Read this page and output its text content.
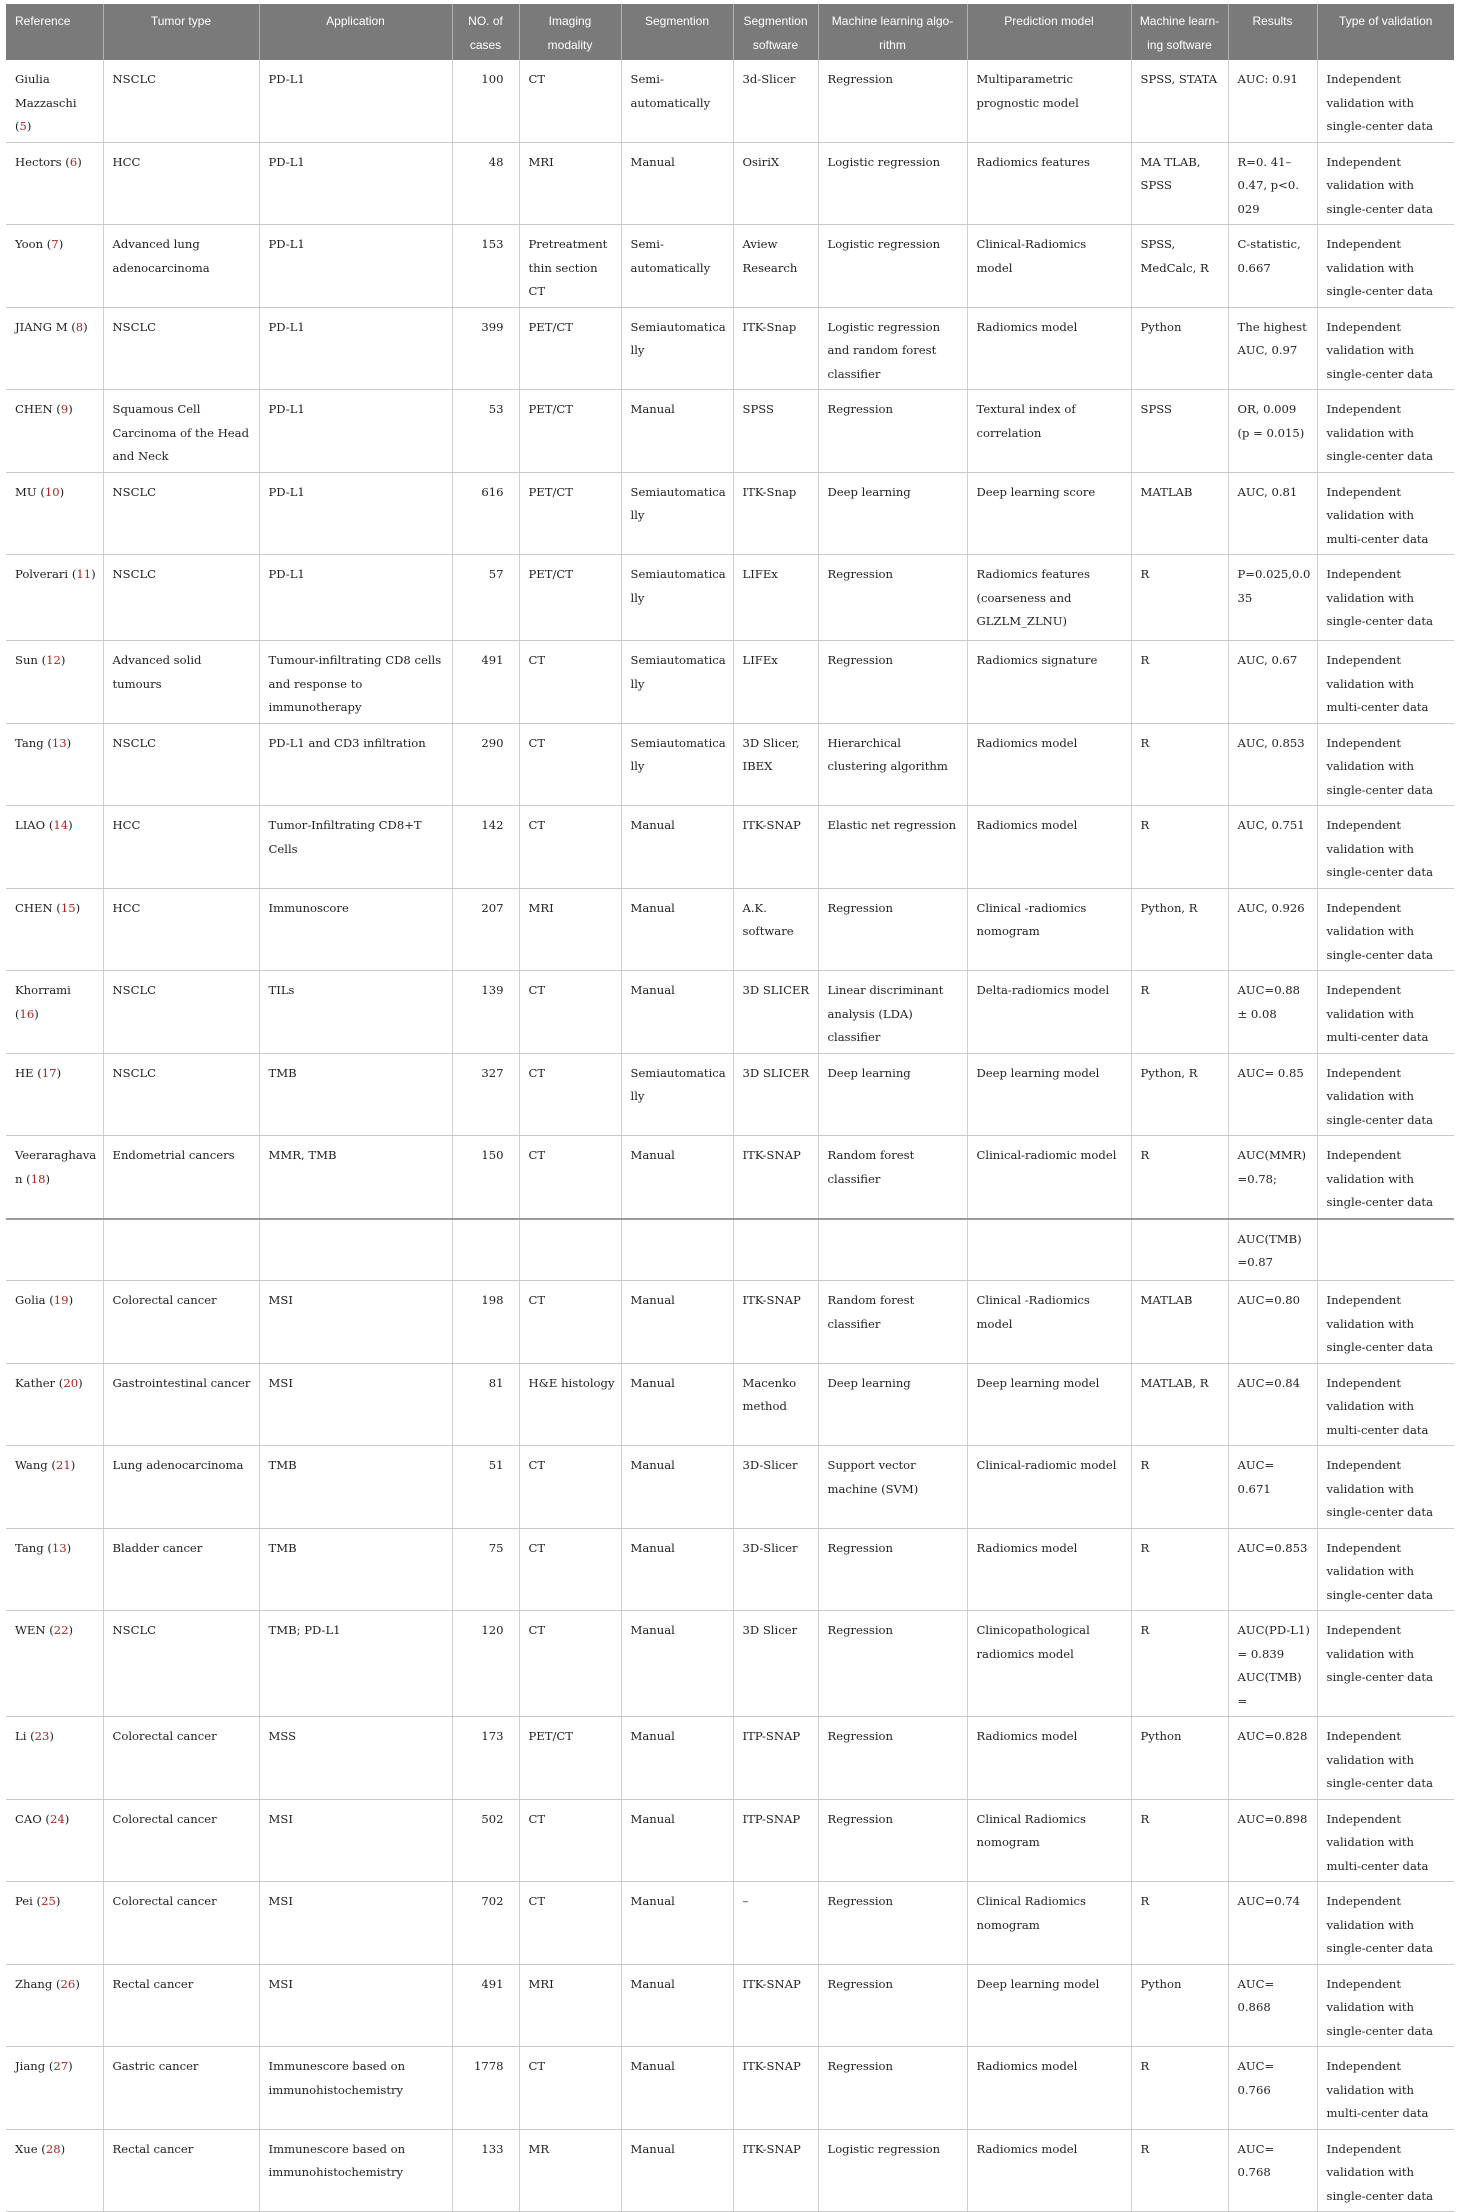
Reference	Tumor type	Application	NO. of cases	Imaging modality	Segmention	Segmention software	Machine learning algo-rithm	Prediction model	Machine learn-ing software	Results	Type of validation
Giulia Mazzaschi (5)	NSCLC	PD-L1	100	CT	Semi-automatically	3d-Slicer	Regression	Multiparametric prognostic model	SPSS, STATA	AUC: 0.91	Independent validation with single-center data
Hectors (6)	HCC	PD-L1	48	MRI	Manual	OsiriX	Logistic regression	Radiomics features	MA TLAB, SPSS	R=0. 41–0.47, p<0. 029	Independent validation with single-center data
Yoon (7)	Advanced lung adenocarcinoma	PD-L1	153	Pretreatment thin section CT	Semi-automatically	Aview Research	Logistic regression	Clinical-Radiomics model	SPSS, MedCalc, R	C-statistic, 0.667	Independent validation with single-center data
JIANG M (8)	NSCLC	PD-L1	399	PET/CT	Semiautomatically	ITK-Snap	Logistic regression and random forest classifier	Radiomics model	Python	The highest AUC, 0.97	Independent validation with single-center data
CHEN (9)	Squamous Cell Carcinoma of the Head and Neck	PD-L1	53	PET/CT	Manual	SPSS	Regression	Textural index of correlation	SPSS	OR, 0.009 (p = 0.015)	Independent validation with single-center data
MU (10)	NSCLC	PD-L1	616	PET/CT	Semiautomatically	ITK-Snap	Deep learning	Deep learning score	MATLAB	AUC, 0.81	Independent validation with multi-center data
Polverari (11)	NSCLC	PD-L1	57	PET/CT	Semiautomatically	LIFEx	Regression	Radiomics features (coarseness and GLZLM_ZLNU)	R	P=0.025,0.035	Independent validation with single-center data
Sun (12)	Advanced solid tumours	Tumour-infiltrating CD8 cells and response to immunotherapy	491	CT	Semiautomatically	LIFEx	Regression	Radiomics signature	R	AUC, 0.67	Independent validation with multi-center data
Tang (13)	NSCLC	PD-L1 and CD3 infiltration	290	CT	Semiautomatically	3D Slicer, IBEX	Hierarchical clustering algorithm	Radiomics model	R	AUC, 0.853	Independent validation with single-center data
LIAO (14)	HCC	Tumor-Infiltrating CD8+T Cells	142	CT	Manual	ITK-SNAP	Elastic net regression	Radiomics model	R	AUC, 0.751	Independent validation with single-center data
CHEN (15)	HCC	Immunoscore	207	MRI	Manual	A.K. software	Regression	Clinical -radiomics nomogram	Python, R	AUC, 0.926	Independent validation with single-center data
Khorrami (16)	NSCLC	TILs	139	CT	Manual	3D SLICER	Linear discriminant analysis (LDA) classifier	Delta-radiomics model	R	AUC=0.88 ± 0.08	Independent validation with multi-center data
HE (17)	NSCLC	TMB	327	CT	Semiautomatically	3D SLICER	Deep learning	Deep learning model	Python, R	AUC= 0.85	Independent validation with single-center data
Veeraraghavan (18)	Endometrial cancers	MMR, TMB	150	CT	Manual	ITK-SNAP	Random forest classifier	Clinical-radiomic model	R	AUC(MMR) =0.78;	Independent validation with single-center data
										AUC(TMB) =0.87	
Golia (19)	Colorectal cancer	MSI	198	CT	Manual	ITK-SNAP	Random forest classifier	Clinical -Radiomics model	MATLAB	AUC=0.80	Independent validation with single-center data
Kather (20)	Gastrointestinal cancer	MSI	81	H&E histology	Manual	Macenko method	Deep learning	Deep learning model	MATLAB, R	AUC=0.84	Independent validation with multi-center data
Wang (21)	Lung adenocarcinoma	TMB	51	CT	Manual	3D-Slicer	Support vector machine (SVM)	Clinical-radiomic model	R	AUC= 0.671	Independent validation with single-center data
Tang (13)	Bladder cancer	TMB	75	CT	Manual	3D-Slicer	Regression	Radiomics model	R	AUC=0.853	Independent validation with single-center data
WEN (22)	NSCLC	TMB; PD-L1	120	CT	Manual	3D Slicer	Regression	Clinicopathological radiomics model	R	AUC(PD-L1) = 0.839 AUC(TMB)=	Independent validation with single-center data
Li (23)	Colorectal cancer	MSS	173	PET/CT	Manual	ITP-SNAP	Regression	Radiomics model	Python	AUC=0.828	Independent validation with single-center data
CAO (24)	Colorectal cancer	MSI	502	CT	Manual	ITP-SNAP	Regression	Clinical Radiomics nomogram	R	AUC=0.898	Independent validation with multi-center data
Pei (25)	Colorectal cancer	MSI	702	CT	Manual	–	Regression	Clinical Radiomics nomogram	R	AUC=0.74	Independent validation with single-center data
Zhang (26)	Rectal cancer	MSI	491	MRI	Manual	ITK-SNAP	Regression	Deep learning model	Python	AUC= 0.868	Independent validation with single-center data
Jiang (27)	Gastric cancer	Immunescore based on immunohistochemistry	1778	CT	Manual	ITK-SNAP	Regression	Radiomics model	R	AUC= 0.766	Independent validation with multi-center data
Xue (28)	Rectal cancer	Immunescore based on immunohistochemistry	133	MR	Manual	ITK-SNAP	Logistic regression	Radiomics model	R	AUC= 0.768	Independent validation with single-center data
